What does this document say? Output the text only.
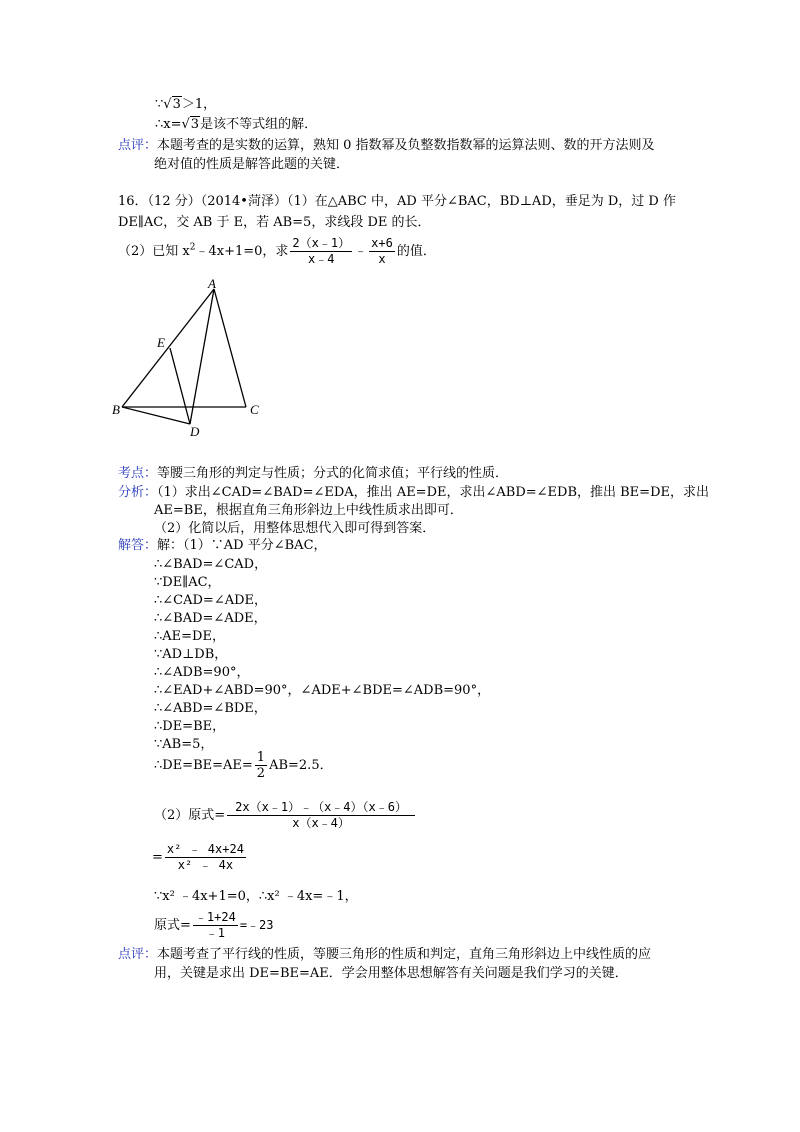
∵√3＞1，
∴x=√3是该不等式组的解．
点评：本题考查的是实数的运算，熟知 0 指数幂及负整数指数幂的运算法则、数的开方法则及
绝对值的性质是解答此题的关键．
16．（12 分）（2014•菏泽）（1）在△ABC 中，AD 平分∠BAC，BD⊥AD，垂足为 D，过 D 作
DE∥AC，交 AB 于 E，若 AB=5，求线段 DE 的长．
（2）已知 $x^2﹣4x+1=0$，求 $\frac{2(x﹣1)}{x﹣4}$ ﹣ $\frac{x+6}{x}$ 的值．
A
B	C
D
E
考点：等腰三角形的判定与性质；分式的化简求值；平行线的性质．
分析：（1）求出∠CAD=∠BAD=∠EDA，推出 AE=DE，求出∠ABD=∠EDB，推出 BE=DE，求出
AE=BE，根据直角三角形斜边上中线性质求出即可．
（2）化简以后，用整体思想代入即可得到答案．
解答：解：（1）∵AD 平分∠BAC，
∴∠BAD=∠CAD，
∵DE∥AC，
∴∠CAD=∠ADE，
∴∠BAD=∠ADE，
∴AE=DE，
∵AD⊥DB，
∴∠ADB=90°，
∴∠EAD+∠ABD=90°，∠ADE+∠BDE=∠ADB=90°，
∴∠ABD=∠BDE，
∴DE=BE，
∵AB=5，
∴DE=BE=AE= $\frac{1}{2} AB=2.5$．
（2）原式= $\frac{2x(x﹣1)﹣(x﹣4)(x﹣6)}{x(x﹣4)}$
= $\frac{\text{x² ﹣ 4x+24}}{\text{x² ﹣ 4x}}$
∵x² ﹣4x+1=0，∴x² ﹣4x=﹣1，
原式= $\frac{﹣1+24}{﹣1}$ =﹣23
点评：本题考查了平行线的性质，等腰三角形的性质和判定，直角三角形斜边上中线性质的应
用，关键是求出 DE=BE=AE．学会用整体思想解答有关问题是我们学习的关键．
